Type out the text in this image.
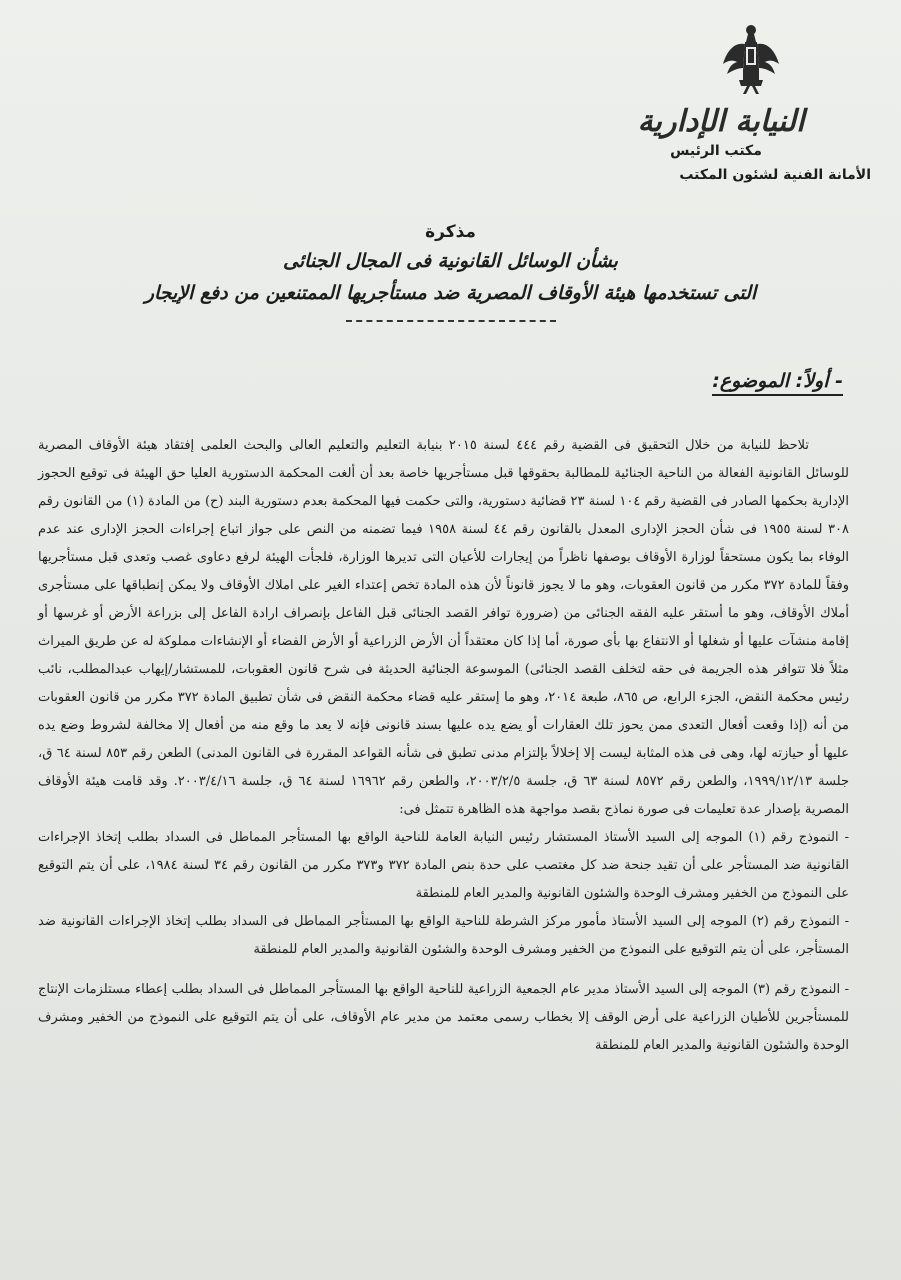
النيابة الإدارية
مكتب الرئيس
الأمانة الفنية لشئون المكتب
مذكرة
بشأن الوسائل القانونية فى المجال الجنائى
التى تستخدمها هيئة الأوقاف المصرية ضد مستأجريها الممتنعين من دفع الإيجار
- أولاً: الموضوع:

تلاحظ للنيابة من خلال التحقيق فى القضية رقم ٤٤٤ لسنة ٢٠١٥ بنيابة التعليم والتعليم العالى والبحث العلمى إفتقاد هيئة الأوقاف المصرية للوسائل القانونية الفعالة من الناحية الجنائية للمطالبة بحقوقها قبل مستأجريها خاصة بعد أن ألغت المحكمة الدستورية العليا حق الهيئة فى توقيع الحجوز الإدارية بحكمها الصادر فى القضية رقم ١٠٤ لسنة ٢٣ قضائية دستورية، والتى حكمت فيها المحكمة بعدم دستورية البند (ح) من المادة (١) من القانون رقم ٣٠٨ لسنة ١٩٥٥ فى شأن الحجز الإدارى المعدل بالقانون رقم ٤٤ لسنة ١٩٥٨ فيما تضمنه من النص على جواز اتباع إجراءات الحجز الإدارى عند عدم الوفاء بما يكون مستحقاً لوزارة الأوقاف بوصفها ناظراً من إيجارات للأعيان التى تديرها الوزارة، فلجأت الهيئة لرفع دعاوى غصب وتعدى قبل مستأجريها وفقاً للمادة ٣٧٢ مكرر من قانون العقوبات، وهو ما لا يجوز قانوناً لأن هذه المادة تخص إعتداء الغير على املاك الأوقاف ولا يمكن إنطباقها على مستأجرى أملاك الأوقاف، وهو ما أستقر عليه الفقه الجنائى من (ضرورة توافر القصد الجنائى قبل الفاعل بإنصراف ارادة الفاعل إلى بزراعة الأرض أو غرسها أو إقامة منشآت عليها أو شغلها أو الانتفاع بها بأى صورة، أما إذا كان معتقداً أن الأرض الزراعية أو الأرض الفضاء أو الإنشاءات مملوكة له عن طريق الميراث مثلاً فلا تتوافر هذه الجريمة فى حقه لتخلف القصد الجنائى) الموسوعة الجنائية الحديثة فى شرح قانون العقوبات، للمستشار/إيهاب عبدالمطلب، نائب رئيس محكمة النقض، الجزء الرابع، ص ٨٦٥، طبعة ٢٠١٤، وهو ما إستقر عليه قضاء محكمة النقض فى شأن تطبيق المادة ٣٧٢ مكرر من قانون العقوبات من أنه (إذا وقعت أفعال التعدى ممن يحوز تلك العقارات أو يضع يده عليها بسند قانونى فإنه لا يعد ما وقع منه من أفعال إلا مخالفة لشروط وضع يده عليها أو حيازته لها، وهى فى هذه المثابة ليست إلا إخلالاً بإلتزام مدنى تطبق فى شأنه القواعد المقررة فى القانون المدنى) الطعن رقم ٨٥٣ لسنة ٦٤ ق، جلسة ١٩٩٩/١٢/١٣، والطعن رقم ٨٥٧٢ لسنة ٦٣ ق، جلسة ٢٠٠٣/٢/٥، والطعن رقم ١٦٩٦٢ لسنة ٦٤ ق، جلسة ٢٠٠٣/٤/١٦. وقد قامت هيئة الأوقاف المصرية بإصدار عدة تعليمات فى صورة نماذج بقصد مواجهة هذه الظاهرة تتمثل فى:

- النموذج رقم (١) الموجه إلى السيد الأستاذ المستشار رئيس النيابة العامة للناحية الواقع بها المستأجر المماطل فى السداد بطلب إتخاذ الإجراءات القانونية ضد المستأجر على أن تقيد جنحة ضد كل مغتصب على حدة بنص المادة ٣٧٢ و٣٧٣ مكرر من القانون رقم ٣٤ لسنة ١٩٨٤، على أن يتم التوقيع على النموذج من الخفير ومشرف الوحدة والشئون القانونية والمدير العام للمنطقة

- النموذج رقم (٢) الموجه إلى السيد الأستاذ مأمور مركز الشرطة للناحية الواقع بها المستأجر المماطل فى السداد بطلب إتخاذ الإجراءات القانونية ضد المستأجر، على أن يتم التوقيع على النموذج من الخفير ومشرف الوحدة والشئون القانونية والمدير العام للمنطقة

- النموذج رقم (٣) الموجه إلى السيد الأستاذ مدير عام الجمعية الزراعية للناحية الواقع بها المستأجر المماطل فى السداد بطلب إعطاء مستلزمات الإنتاج للمستأجرين للأطيان الزراعية على أرض الوقف إلا بخطاب رسمى معتمد من مدير عام الأوقاف، على أن يتم التوقيع على النموذج من الخفير ومشرف الوحدة والشئون القانونية والمدير العام للمنطقة
